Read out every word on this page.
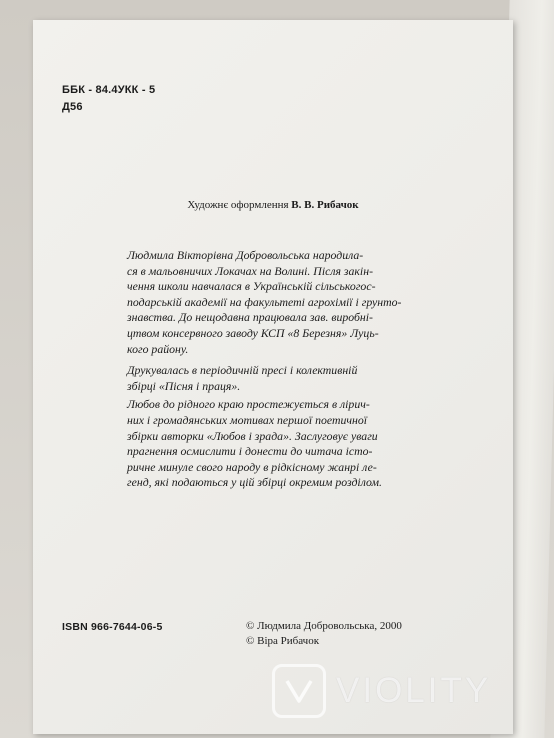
ББК - 84.4УКК - 5
Д56
Художнє оформлення В. В. Рибачок
Людмила Вікторівна Добровольська народила-
ся в мальовничих Локачах на Волині. Після закін-
чення школи навчалася в Українській сільськогос-
подарській академії на факультеті агрохімії і грунто-
знавства. До нещодавна працювала зав. виробні-
цтвом консервного заводу КСП «8 Березня» Луць-
кого району.
Друкувалась в періодичній пресі і колективній
збірці «Пісня і праця».
Любов до рідного краю простежується в лірич-
них і громадянських мотивах першої поетичної
збірки авторки «Любов і зрада». Заслуговує уваги
прагнення осмислити і донести до читача істо-
ричне минуле свого народу в рідкісному жанрі ле-
генд, які подаються у цій збірці окремим розділом.
ISBN 966-7644-06-5	© Людмила Добровольська, 2000
© Віра Рибачок
VIOLITY
